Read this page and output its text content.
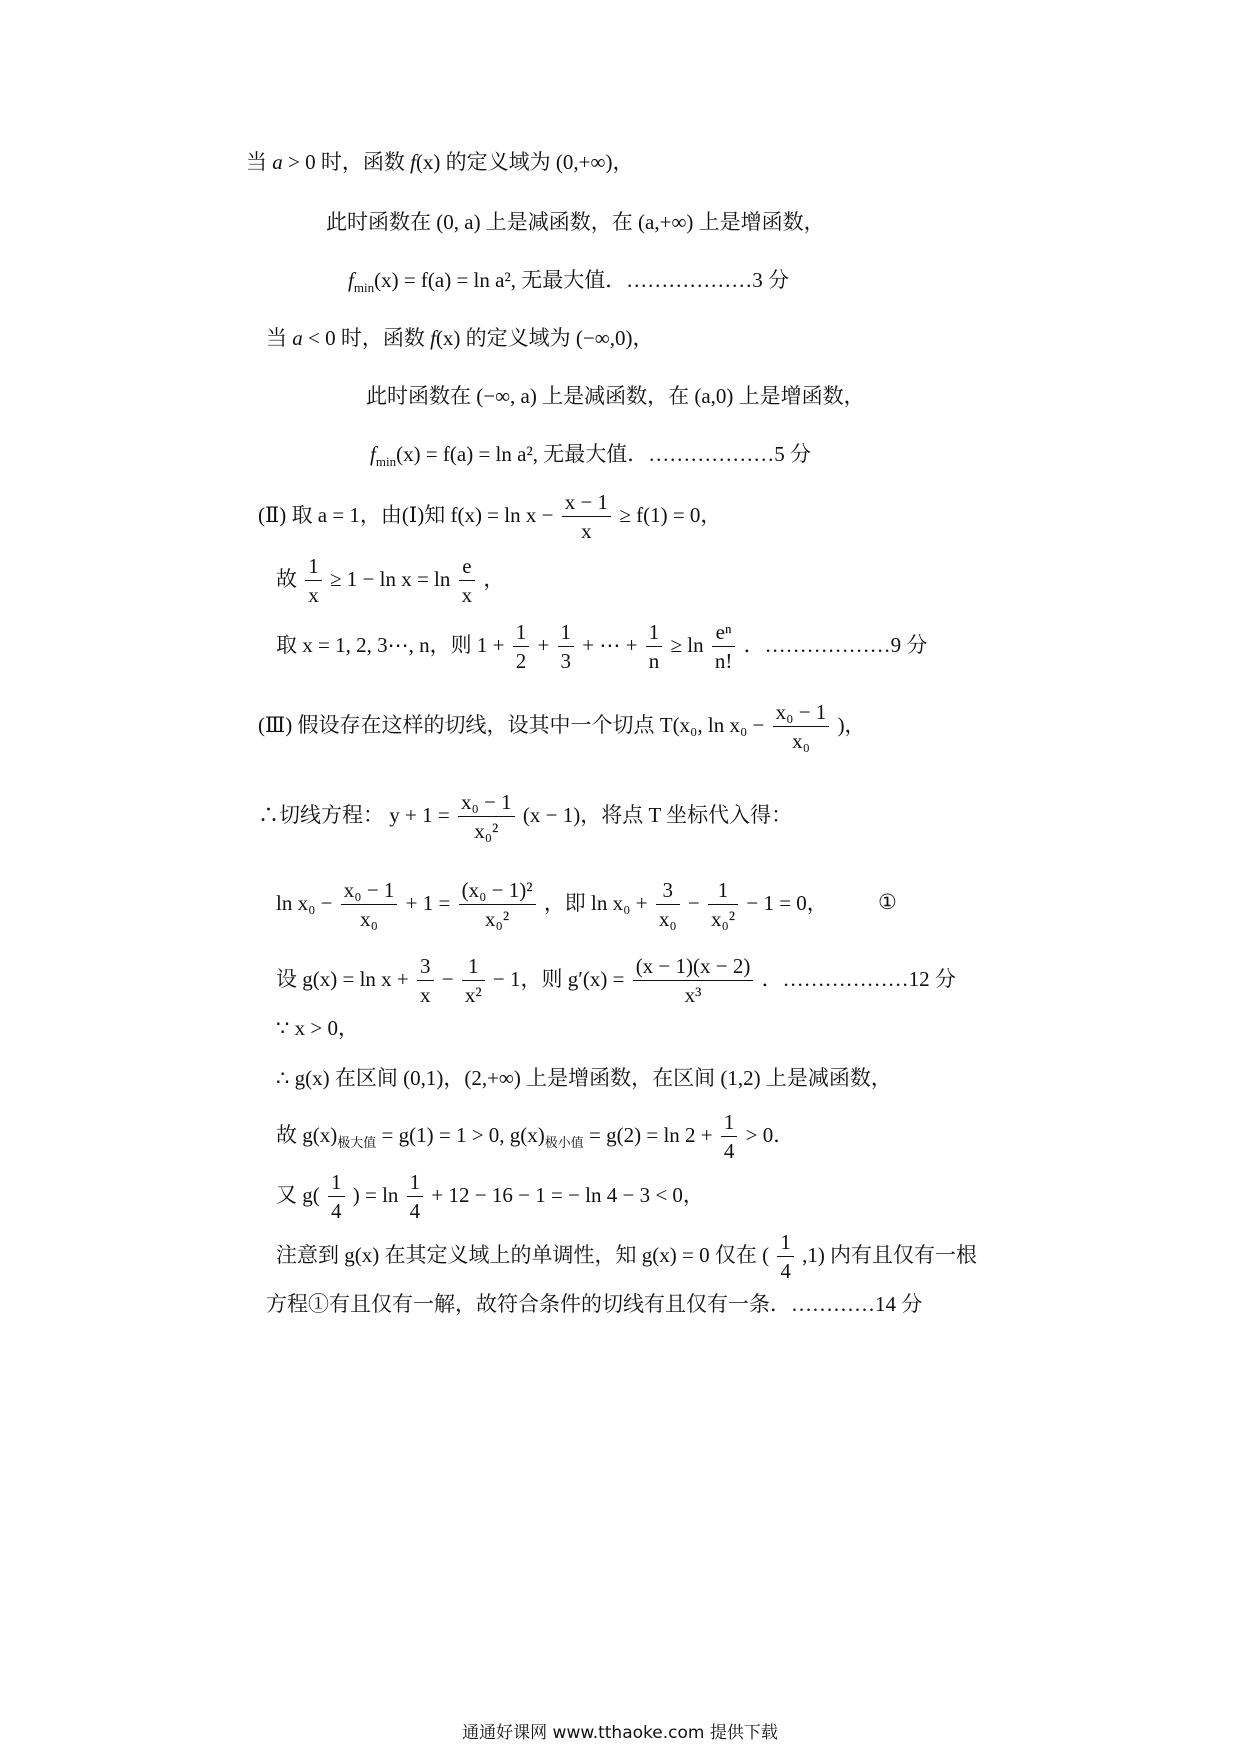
当 a > 0 时，函数 f(x) 的定义域为 (0,+∞)，
此时函数在 (0, a) 上是减函数，在 (a,+∞) 上是增函数，
$f_{min}(x) = f(a) = \ln a^2$, 无最大值．………………3 分
当 a < 0 时，函数 f(x) 的定义域为 (−∞,0)，
此时函数在 (−∞, a) 上是减函数，在 (a,0) 上是增函数，
$f_{min}(x) = f(a) = \ln a^2$, 无最大值．………………5 分
(Ⅱ) 取 a = 1，由(Ⅰ)知 $f(x) = \ln x - \frac{x - 1}{x} \ge f(1) = 0$，
故 $\frac{1}{x} \ge 1 - \ln x = \ln \frac{e}{x}$ ，
取 x = 1, 2, 3⋯, n，则 $1 + \frac{1}{2} + \frac{1}{3}$ + ⋯ + $\frac{1}{n} \ge \ln \frac{\text{eⁿ}}{n!}$ ．………………9 分
(Ⅲ) 假设存在这样的切线，设其中一个切点 T(x₀, $\ln x_0 - \frac{\text{x₀ − 1}}{\text{x₀}}$ )，
∴切线方程： $y + 1 = \frac{\text{x₀ − 1}}{\text{x₀²}} (x - 1)$，将点 T 坐标代入得：
$\ln x_0 - \frac{\text{x₀ − 1}}{\text{x₀}} + 1 = \frac{\text{(x₀ − 1)²}}{\text{x₀²}}$ ，即 $\ln x_0 + \frac{3}{\text{x₀}} - \frac{1}{\text{x₀²}} - 1 = 0$， ①
设 $g(x) = \ln x + \frac{3}{x} - \frac{1}{\text{x²}} - 1$，则 $g'(x) = \frac{(x - 1)(x - 2)}{\text{x³}}$ ．………………12 分
∵ x > 0，
∴ g(x) 在区间 (0,1)，(2,+∞) 上是增函数，在区间 (1,2) 上是减函数，
故 $g(x)_{极大值} = g(1) = 1 > 0$, $g(x)_{极小值} = g(2) = \ln 2 + \frac{1}{4} > 0$．
又 $g( \frac{1}{4}$ ) = $\ln \frac{1}{4} + 12 - 16 - 1$ = − ln 4 − 3 < 0，
注意到 g(x) 在其定义域上的单调性，知 g(x) = 0 仅在 ( $\frac{1}{4} ,1$) 内有且仅有一根
方程①有且仅有一解，故符合条件的切线有且仅有一条．…………14 分
通通好课网 www.tthaoke.com 提供下载
